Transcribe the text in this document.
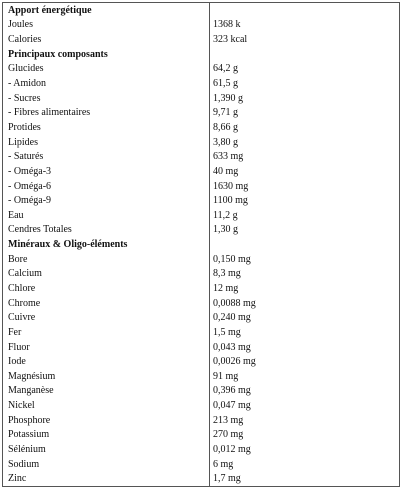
Apport énergétique	
Joules	1368 k
Calories	323 kcal
Principaux composants	
Glucides	64,2 g
- Amidon	61,5 g
- Sucres	1,390 g
- Fibres alimentaires	9,71 g
Protides	8,66 g
Lipides	3,80 g
- Saturés	633 mg
- Oméga-3	40 mg
- Oméga-6	1630 mg
- Oméga-9	1100 mg
Eau	11,2 g
Cendres Totales	1,30 g
Minéraux & Oligo-éléments	
Bore	0,150 mg
Calcium	8,3 mg
Chlore	12 mg
Chrome	0,0088 mg
Cuivre	0,240 mg
Fer	1,5 mg
Fluor	0,043 mg
Iode	0,0026 mg
Magnésium	91 mg
Manganèse	0,396 mg
Nickel	0,047 mg
Phosphore	213 mg
Potassium	270 mg
Sélénium	0,012 mg
Sodium	6 mg
Zinc	1,7 mg
